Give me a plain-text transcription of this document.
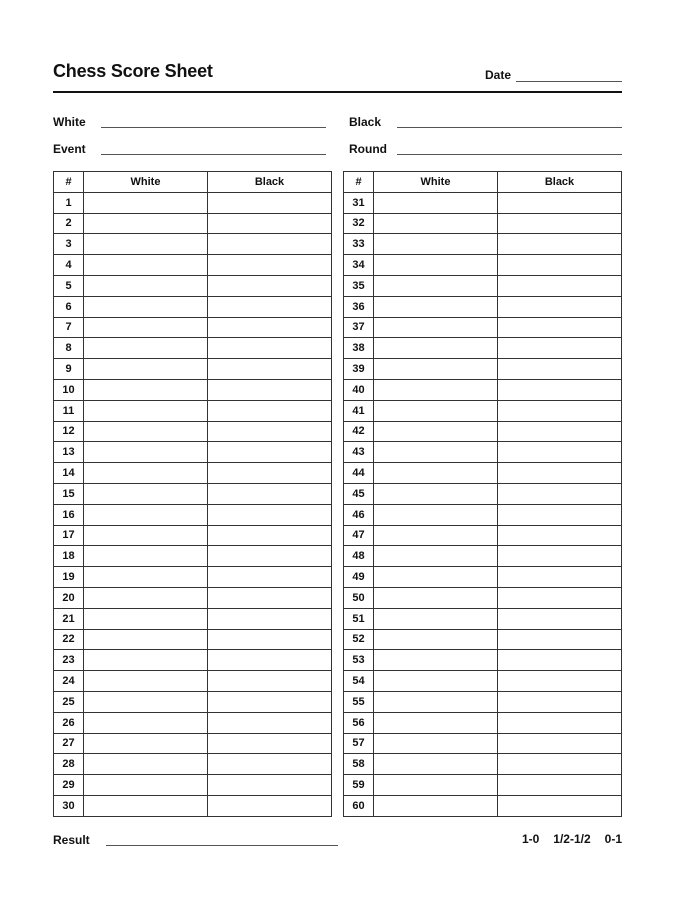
Chess Score Sheet	Date
White	Black
Event	Round
#	White	Black
1		
2		
3		
4		
5		
6		
7		
8		
9		
10		
11		
12		
13		
14		
15		
16		
17		
18		
19		
20		
21		
22		
23		
24		
25		
26		
27		
28		
29		
30		
#	White	Black
31		
32		
33		
34		
35		
36		
37		
38		
39		
40		
41		
42		
43		
44		
45		
46		
47		
48		
49		
50		
51		
52		
53		
54		
55		
56		
57		
58		
59		
60		
Result	1-0 1/2-1/2 0-1
